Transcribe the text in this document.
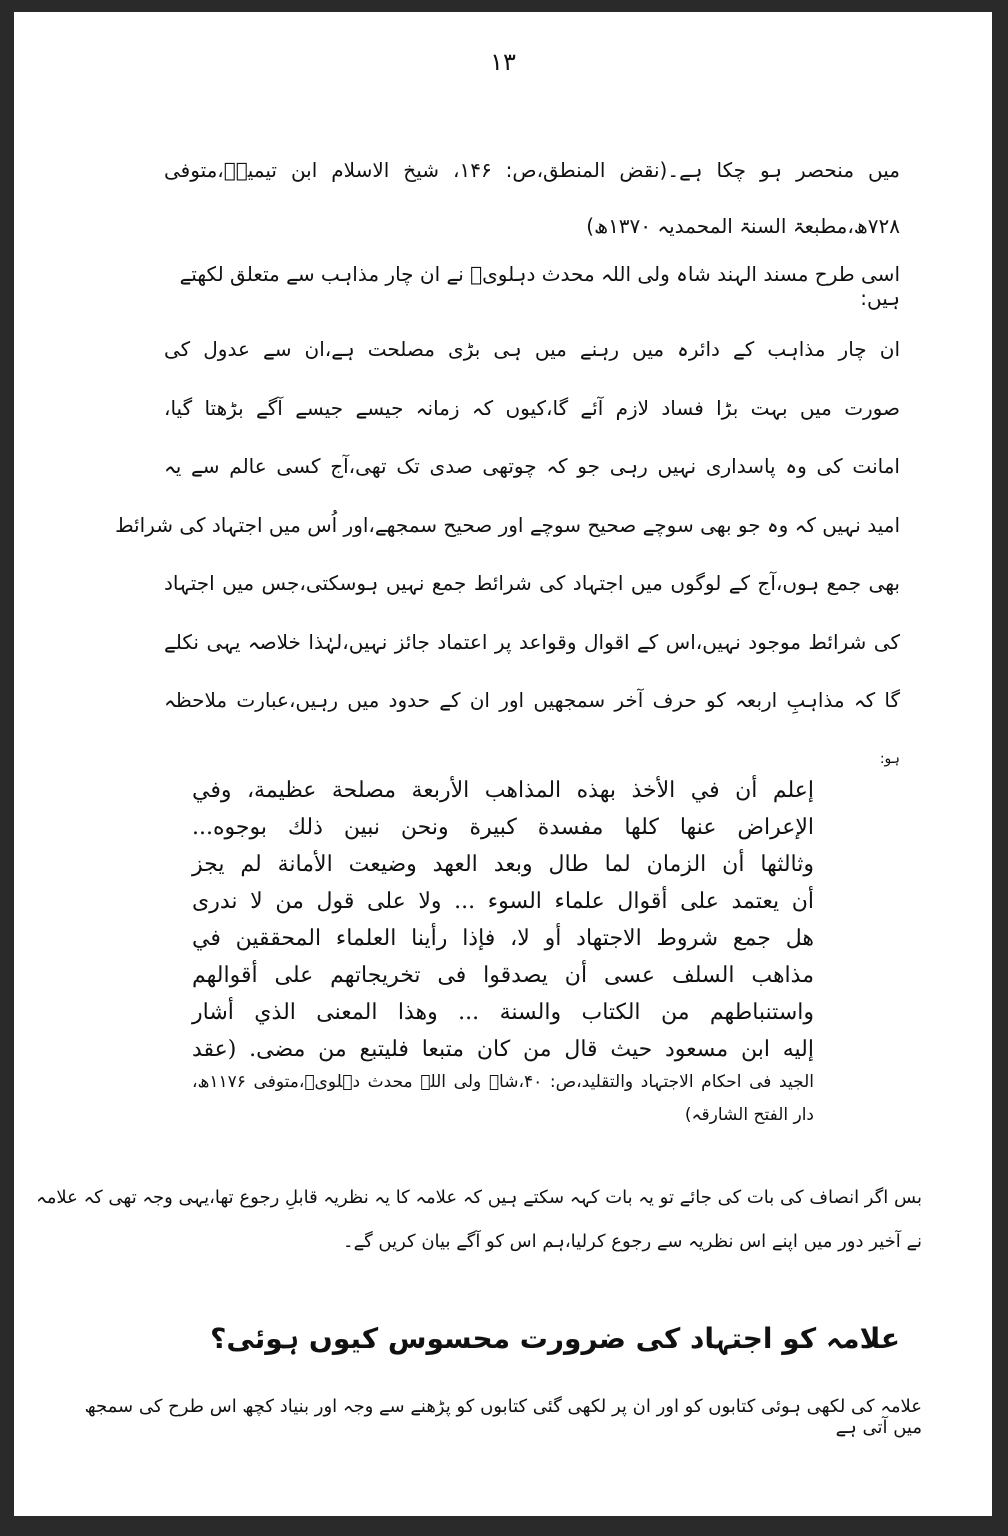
۱۳
میں منحصر ہو چکا ہے۔(نقض المنطق،ص: ۱۴۶، شیخ الاسلام ابن تیمیہؒ،متوفی
۷۲۸ھ،مطبعۃ السنۃ المحمدیہ ۱۳۷۰ھ)
اسی طرح مسند الہند شاہ ولی اللہ محدث دہلویؒ نے ان چار مذاہب سے متعلق لکھتے ہیں:
ان چار مذاہب کے دائرہ میں رہنے میں ہی بڑی مصلحت ہے،ان سے عدول کی
صورت میں بہت بڑا فساد لازم آئے گا،کیوں کہ زمانہ جیسے جیسے آگے بڑھتا گیا،
امانت کی وہ پاسداری نہیں رہی جو کہ چوتھی صدی تک تھی،آج کسی عالم سے یہ
امید نہیں کہ وہ جو بھی سوچے صحیح سوچے اور صحیح سمجھے،اور اُس میں اجتہاد کی شرائط
بھی جمع ہوں،آج کے لوگوں میں اجتہاد کی شرائط جمع نہیں ہوسکتی،جس میں اجتہاد
کی شرائط موجود نہیں،اس کے اقوال وقواعد پر اعتماد جائز نہیں،لہٰذا خلاصہ یہی نکلے
گا کہ مذاہبِ اربعہ کو حرف آخر سمجھیں اور ان کے حدود میں رہیں،عبارت ملاحظہ
ہو:
إعلم أن في الأخذ بهذه المذاهب الأربعة مصلحة عظيمة، وفي
الإعراض عنها كلها مفسدة كبيرة ونحن نبين ذلك بوجوه...
وثالثها أن الزمان لما طال وبعد العهد وضيعت الأمانة لم يجز
أن يعتمد على أقوال علماء السوء ... ولا على قول من لا ندرى
هل جمع شروط الاجتهاد أو لا، فإذا رأينا العلماء المحققين في
مذاهب السلف عسى أن يصدقوا فى تخريجاتهم على أقوالهم
واستنباطهم من الكتاب والسنة ... وهذا المعنى الذي أشار
إليه ابن مسعود حيث قال من كان متبعا فليتبع من مضى. (عقد
الجید فی احکام الاجتہاد والتقلید،ص: ۴۰،شاہ ولی اللہ محدث دہلویؒ،متوفی ۱۱۷۶ھ،
دار الفتح الشارقہ)
بس اگر انصاف کی بات کی جائے تو یہ بات کہہ سکتے ہیں کہ علامہ کا یہ نظریہ قابلِ رجوع تھا،یہی وجہ تھی کہ علامہ
نے آخیر دور میں اپنے اس نظریہ سے رجوع کرلیا،ہم اس کو آگے بیان کریں گے۔
علامہ کو اجتہاد کی ضرورت محسوس کیوں ہوئی؟
علامہ کی لکھی ہوئی کتابوں کو اور ان پر لکھی گئی کتابوں کو پڑھنے سے وجہ اور بنیاد کچھ اس طرح کی سمجھ میں آتی ہے
